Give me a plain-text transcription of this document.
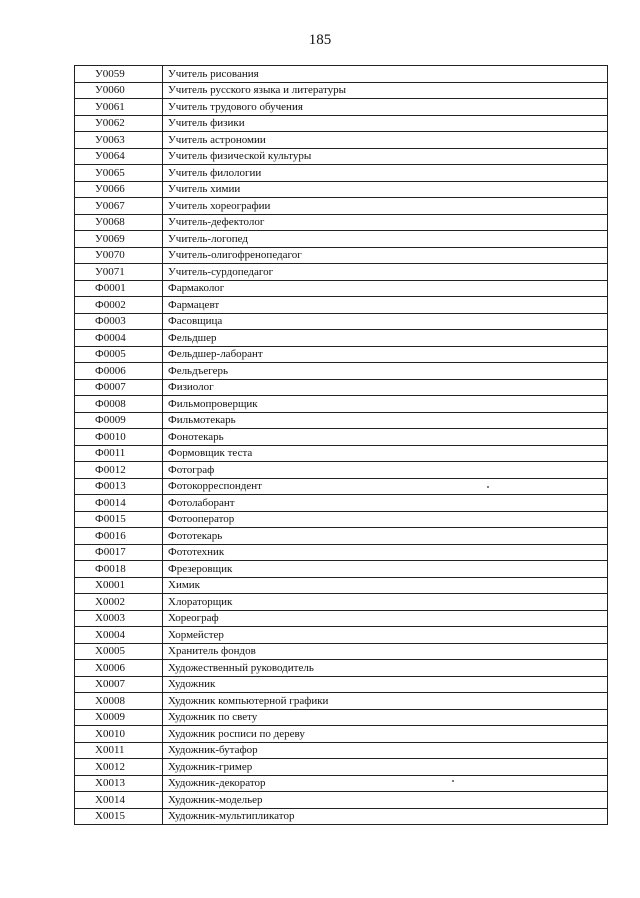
185
У0059	Учитель рисования
У0060	Учитель русского языка и литературы
У0061	Учитель трудового обучения
У0062	Учитель физики
У0063	Учитель астрономии
У0064	Учитель физической культуры
У0065	Учитель филологии
У0066	Учитель химии
У0067	Учитель хореографии
У0068	Учитель-дефектолог
У0069	Учитель-логопед
У0070	Учитель-олигофренопедагог
У0071	Учитель-сурдопедагог
Ф0001	Фармаколог
Ф0002	Фармацевт
Ф0003	Фасовщица
Ф0004	Фельдшер
Ф0005	Фельдшер-лаборант
Ф0006	Фельдъегерь
Ф0007	Физиолог
Ф0008	Фильмопроверщик
Ф0009	Фильмотекарь
Ф0010	Фонотекарь
Ф0011	Формовщик теста
Ф0012	Фотограф
Ф0013	Фотокорреспондент
Ф0014	Фотолаборант
Ф0015	Фотооператор
Ф0016	Фототекарь
Ф0017	Фототехник
Ф0018	Фрезеровщик
Х0001	Химик
Х0002	Хлораторщик
Х0003	Хореограф
Х0004	Хормейстер
Х0005	Хранитель фондов
Х0006	Художественный руководитель
Х0007	Художник
Х0008	Художник компьютерной графики
Х0009	Художник по свету
Х0010	Художник росписи по дереву
Х0011	Художник-бутафор
Х0012	Художник-гример
Х0013	Художник-декоратор
Х0014	Художник-модельер
Х0015	Художник-мультипликатор
